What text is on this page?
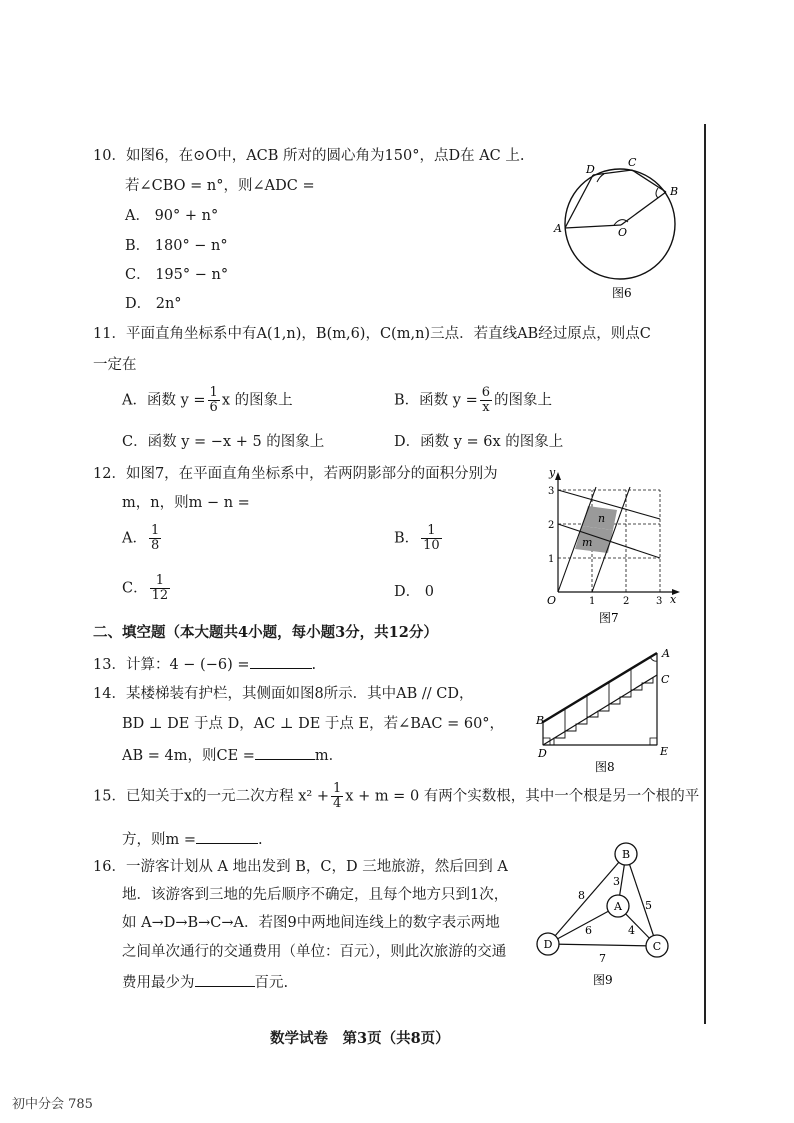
10．如图6，在⊙O中，ACB 所对的圆心角为150°，点D在 AC 上.
若∠CBO = n°，则∠ADC =
A． 90° + n°
B． 180° − n°
C． 195° − n°
D． 2n°
D
C
B
A	O
图6
11．平面直角坐标系中有A(1,n)，B(m,6)，C(m,n)三点．若直线AB经过原点，则点C
一定在
A．函数 $y = \frac{1}{6}$ x 的图象上	B．函数 $y = \frac{6}{x}$ 的图象上
C．函数 y = −x + 5 的图象上	D．函数 y = 6x 的图象上
12．如图7，在平面直角坐标系中，若两阴影部分的面积分别为
m，n，则m − n =
A． $\frac{1}{8}$	B． $\frac{1}{10}$
C． $\frac{1}{12}$	D． 0
y
x
O	1	2	3
1
2
3
n
m
图7
二、填空题（本大题共4小题，每小题3分，共12分）
13．计算：4 − (−6) =	.
14．某楼梯装有护栏，其侧面如图8所示．其中AB // CD，
BD ⊥ DE 于点 D，AC ⊥ DE 于点 E，若∠BAC = 60°，
AB = 4m，则CE =	m．
A
B
C
D	E
图8
15．已知关于x的一元二次方程 $x^2 + \frac{1}{4}$ x + m = 0 有两个实数根，其中一个根是另一个根的平
方，则m =	.
16．一游客计划从 A 地出发到 B，C，D 三地旅游，然后回到 A
地．该游客到三地的先后顺序不确定，且每个地方只到1次，
如 A→D→B→C→A．若图9中两地间连线上的数字表示两地
之间单次通行的交通费用（单位：百元），则此次旅游的交通
费用最少为	百元.
B
A
D	C
3
8
5
6	4
7
图9
数学试卷　第3页（共8页）
初中分会 785
